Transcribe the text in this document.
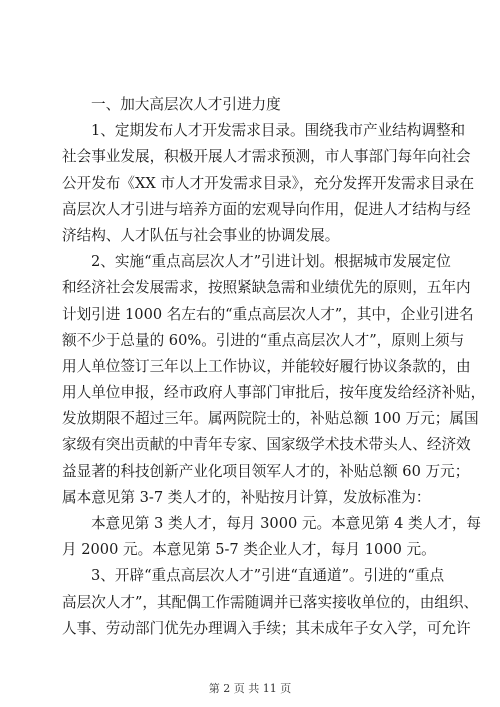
一、加大高层次人才引进力度
1、定期发布人才开发需求目录。围绕我市产业结构调整和
社会事业发展，积极开展人才需求预测，市人事部门每年向社会
公开发布《XX 市人才开发需求目录》，充分发挥开发需求目录在
高层次人才引进与培养方面的宏观导向作用，促进人才结构与经
济结构、人才队伍与社会事业的协调发展。
2、实施“重点高层次人才”引进计划。根据城市发展定位
和经济社会发展需求，按照紧缺急需和业绩优先的原则，五年内
计划引进 1000 名左右的“重点高层次人才”，其中，企业引进名
额不少于总量的 60%。引进的“重点高层次人才”，原则上须与
用人单位签订三年以上工作协议，并能较好履行协议条款的，由
用人单位申报，经市政府人事部门审批后，按年度发给经济补贴，
发放期限不超过三年。属两院院士的，补贴总额 100 万元；属国
家级有突出贡献的中青年专家、国家级学术技术带头人、经济效
益显著的科技创新产业化项目领军人才的，补贴总额 60 万元；
属本意见第 3-7 类人才的，补贴按月计算，发放标准为：
本意见第 3 类人才，每月 3000 元。本意见第 4 类人才，每
月 2000 元。本意见第 5-7 类企业人才，每月 1000 元。
3、开辟“重点高层次人才”引进“直通道”。引进的“重点
高层次人才”，其配偶工作需随调并已落实接收单位的，由组织、
人事、劳动部门优先办理调入手续；其未成年子女入学，可允许
第 2 页 共 11 页
